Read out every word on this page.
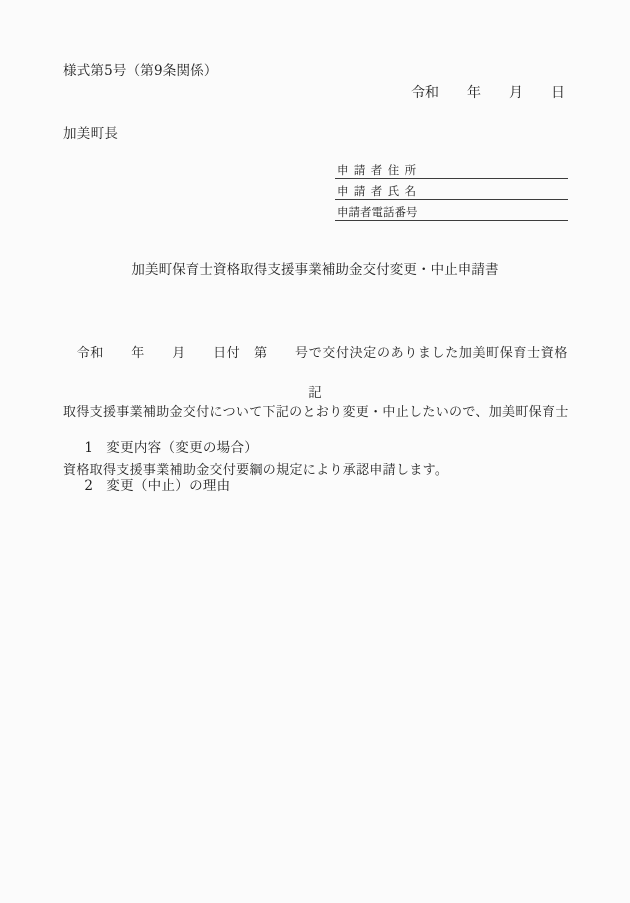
様式第5号（第9条関係）
令和　　年　　月　　日
加美町長
申請者住所
申請者氏名
申請者電話番号
加美町保育士資格取得支援事業補助金交付変更・中止申請書

　令和　　年　　月　　日付　第　　号で交付決定のありました加美町保育士資格

取得支援事業補助金交付について下記のとおり変更・中止したいので、加美町保育士

資格取得支援事業補助金交付要綱の規定により承認申請します。

記

1 変更内容（変更の場合）

2 変更（中止）の理由
